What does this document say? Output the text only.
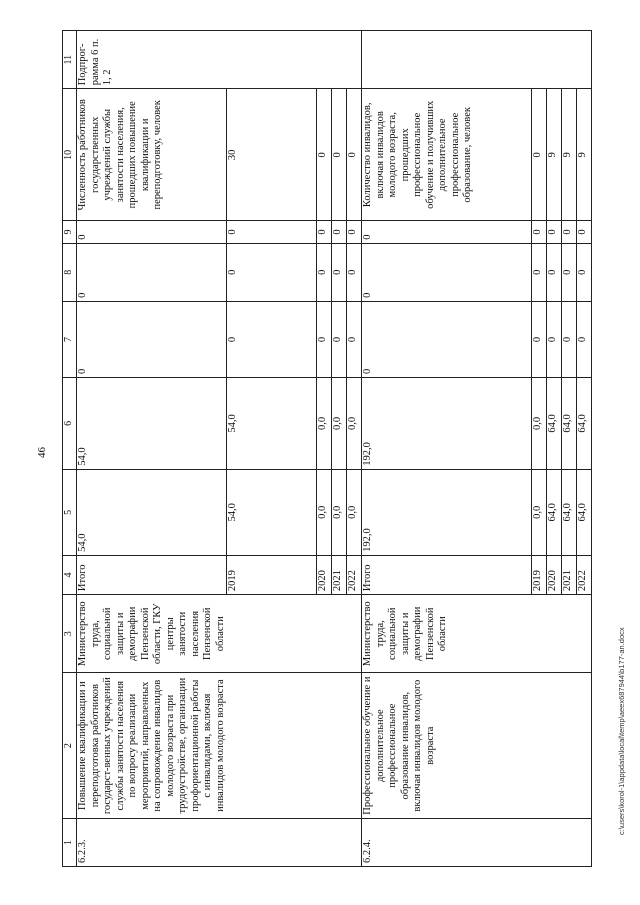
46
1	2	3	4	5	6	7	8	9	10	11
6.2.3.	Повышение квалификации и переподготовка работников государст-венных учреждений службы занятости населения по вопросу реализации мероприятий, направленных на сопровождение инвалидов молодого возраста при трудоустройстве, организации профориентационной работы с инвалидами, включая инвалидов молодого возраста	Министерство труда, социальной защиты и демографии Пензенской области, ГКУ центры занятости населения Пензенской области	Итого	54,0	54,0	0	0	0	Численность работников государственных учреждений службы занятости населения, прошедших повышение квалификации и переподготовку, человек	Подпрог-рамма 6 п. 1, 2
			2019	54,0	54,0	0	0	0	30	
			2020	0,0	0,0	0	0	0	0	
			2021	0,0	0,0	0	0	0	0	
			2022	0,0	0,0	0	0	0	0	
6.2.4.	Профессиональное обучение и дополнительное профессиональное образование инвалидов, включая инвалидов молодого возраста	Министерство труда, социальной защиты и демографии Пензенской области	Итого	192,0	192,0	0	0	0	Количество инвалидов, включая инвалидов молодого возраста, прошедших профессиональное обучение и получивших дополнительное профессиональное образование, человек	
			2019	0,0	0,0	0	0	0	0	
			2020	64,0	64,0	0	0	0	9	
			2021	64,0	64,0	0	0	0	9	
			2022	64,0	64,0	0	0	0	9	
c:\users\korol-1\appdata\local\temp\aeex687944\b177-an.docx
